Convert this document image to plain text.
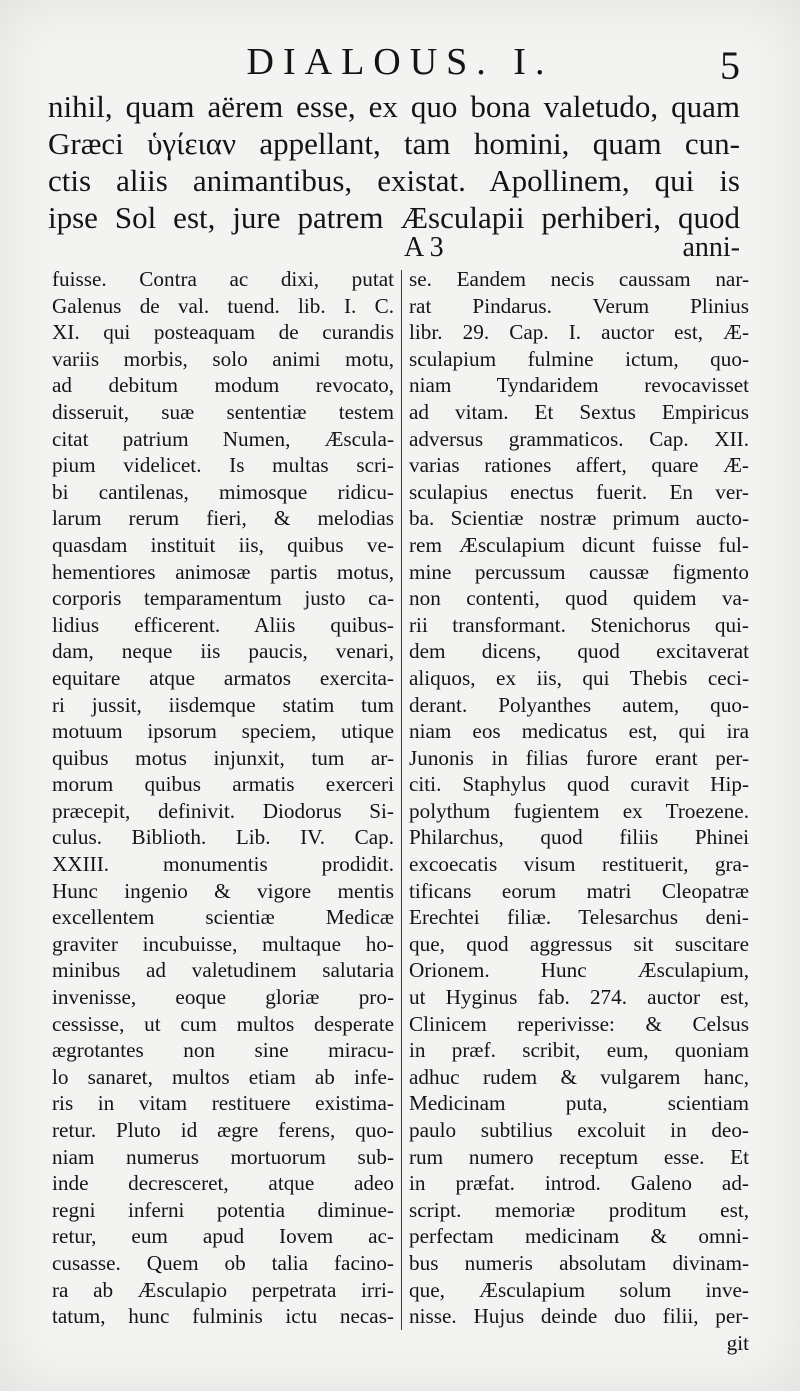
DIALOUS. I.	5
nihil, quam aërem esse, ex quo bona valetudo, quam
Græci ὑγίειαν appellant, tam homini, quam cun-
ctis aliis animantibus, existat. Apollinem, qui is
ipse Sol est, jure patrem Æsculapii perhiberi, quod
A 3	anni-
fuisse. Contra ac dixi, putat
Galenus de val. tuend. lib. I. C.
XI. qui posteaquam de curandis
variis morbis, solo animi motu,
ad debitum modum revocato,
disseruit, suæ sententiæ testem
citat patrium Numen, Æscula-
pium videlicet. Is multas scri-
bi cantilenas, mimosque ridicu-
larum rerum fieri, & melodias
quasdam instituit iis, quibus ve-
hementiores animosæ partis motus,
corporis temparamentum justo ca-
lidius efficerent. Aliis quibus-
dam, neque iis paucis, venari,
equitare atque armatos exercita-
ri jussit, iisdemque statim tum
motuum ipsorum speciem, utique
quibus motus injunxit, tum ar-
morum quibus armatis exerceri
præcepit, definivit. Diodorus Si-
culus. Biblioth. Lib. IV. Cap.
XXIII. monumentis prodidit.
Hunc ingenio & vigore mentis
excellentem scientiæ Medicæ
graviter incubuisse, multaque ho-
minibus ad valetudinem salutaria
invenisse, eoque gloriæ pro-
cessisse, ut cum multos desperate
ægrotantes non sine miracu-
lo sanaret, multos etiam ab infe-
ris in vitam restituere existima-
retur. Pluto id ægre ferens, quo-
niam numerus mortuorum sub-
inde decresceret, atque adeo
regni inferni potentia diminue-
retur, eum apud Iovem ac-
cusasse. Quem ob talia facino-
ra ab Æsculapio perpetrata irri-
tatum, hunc fulminis ictu necas-
se. Eandem necis caussam nar-
rat Pindarus. Verum Plinius
libr. 29. Cap. I. auctor est, Æ-
sculapium fulmine ictum, quo-
niam Tyndaridem revocavisset
ad vitam. Et Sextus Empiricus
adversus grammaticos. Cap. XII.
varias rationes affert, quare Æ-
sculapius enectus fuerit. En ver-
ba. Scientiæ nostræ primum aucto-
rem Æsculapium dicunt fuisse ful-
mine percussum caussæ figmento
non contenti, quod quidem va-
rii transformant. Stenichorus qui-
dem dicens, quod excitaverat
aliquos, ex iis, qui Thebis ceci-
derant. Polyanthes autem, quo-
niam eos medicatus est, qui ira
Junonis in filias furore erant per-
citi. Staphylus quod curavit Hip-
polythum fugientem ex Troezene.
Philarchus, quod filiis Phinei
excoecatis visum restituerit, gra-
tificans eorum matri Cleopatræ
Erechtei filiæ. Telesarchus deni-
que, quod aggressus sit suscitare
Orionem. Hunc Æsculapium,
ut Hyginus fab. 274. auctor est,
Clinicem reperivisse: & Celsus
in præf. scribit, eum, quoniam
adhuc rudem & vulgarem hanc,
Medicinam puta, scientiam
paulo subtilius excoluit in deo-
rum numero receptum esse. Et
in præfat. introd. Galeno ad-
script. memoriæ proditum est,
perfectam medicinam & omni-
bus numeris absolutam divinam-
que, Æsculapium solum inve-
nisse. Hujus deinde duo filii, per-
git
